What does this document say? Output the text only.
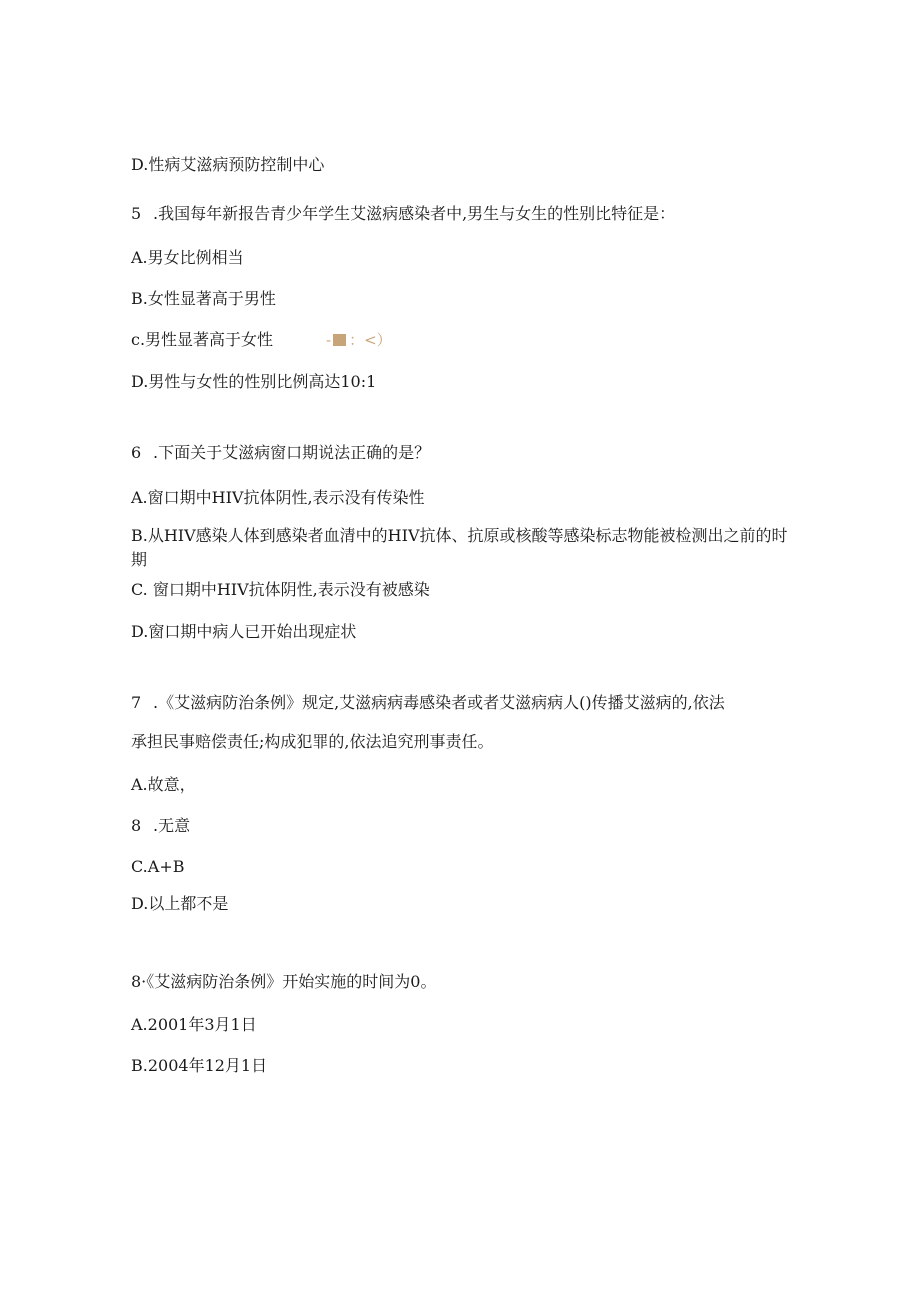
D.性病艾滋病预防控制中心
5 .我国每年新报告青少年学生艾滋病感染者中,男生与女生的性别比特征是：
A.男女比例相当
B.女性显著高于男性
c.男性显著高于女性	- ：<）
D.男性与女性的性别比例高达10:1
6 .下面关于艾滋病窗口期说法正确的是？
A.窗口期中HIV抗体阴性,表示没有传染性
B.从HIV感染人体到感染者血清中的HIV抗体、抗原或核酸等感染标志物能被检测出之前的时期
C. 窗口期中HIV抗体阴性,表示没有被感染
D.窗口期中病人已开始出现症状
7 .《艾滋病防治条例》规定,艾滋病病毒感染者或者艾滋病病人()传播艾滋病的,依法
承担民事赔偿责任;构成犯罪的,依法追究刑事责任。
A.故意，
8 .无意
C.A+B
D.以上都不是
8·《艾滋病防治条例》开始实施的时间为0。
A.2001年3月1日
B.2004年12月1日
